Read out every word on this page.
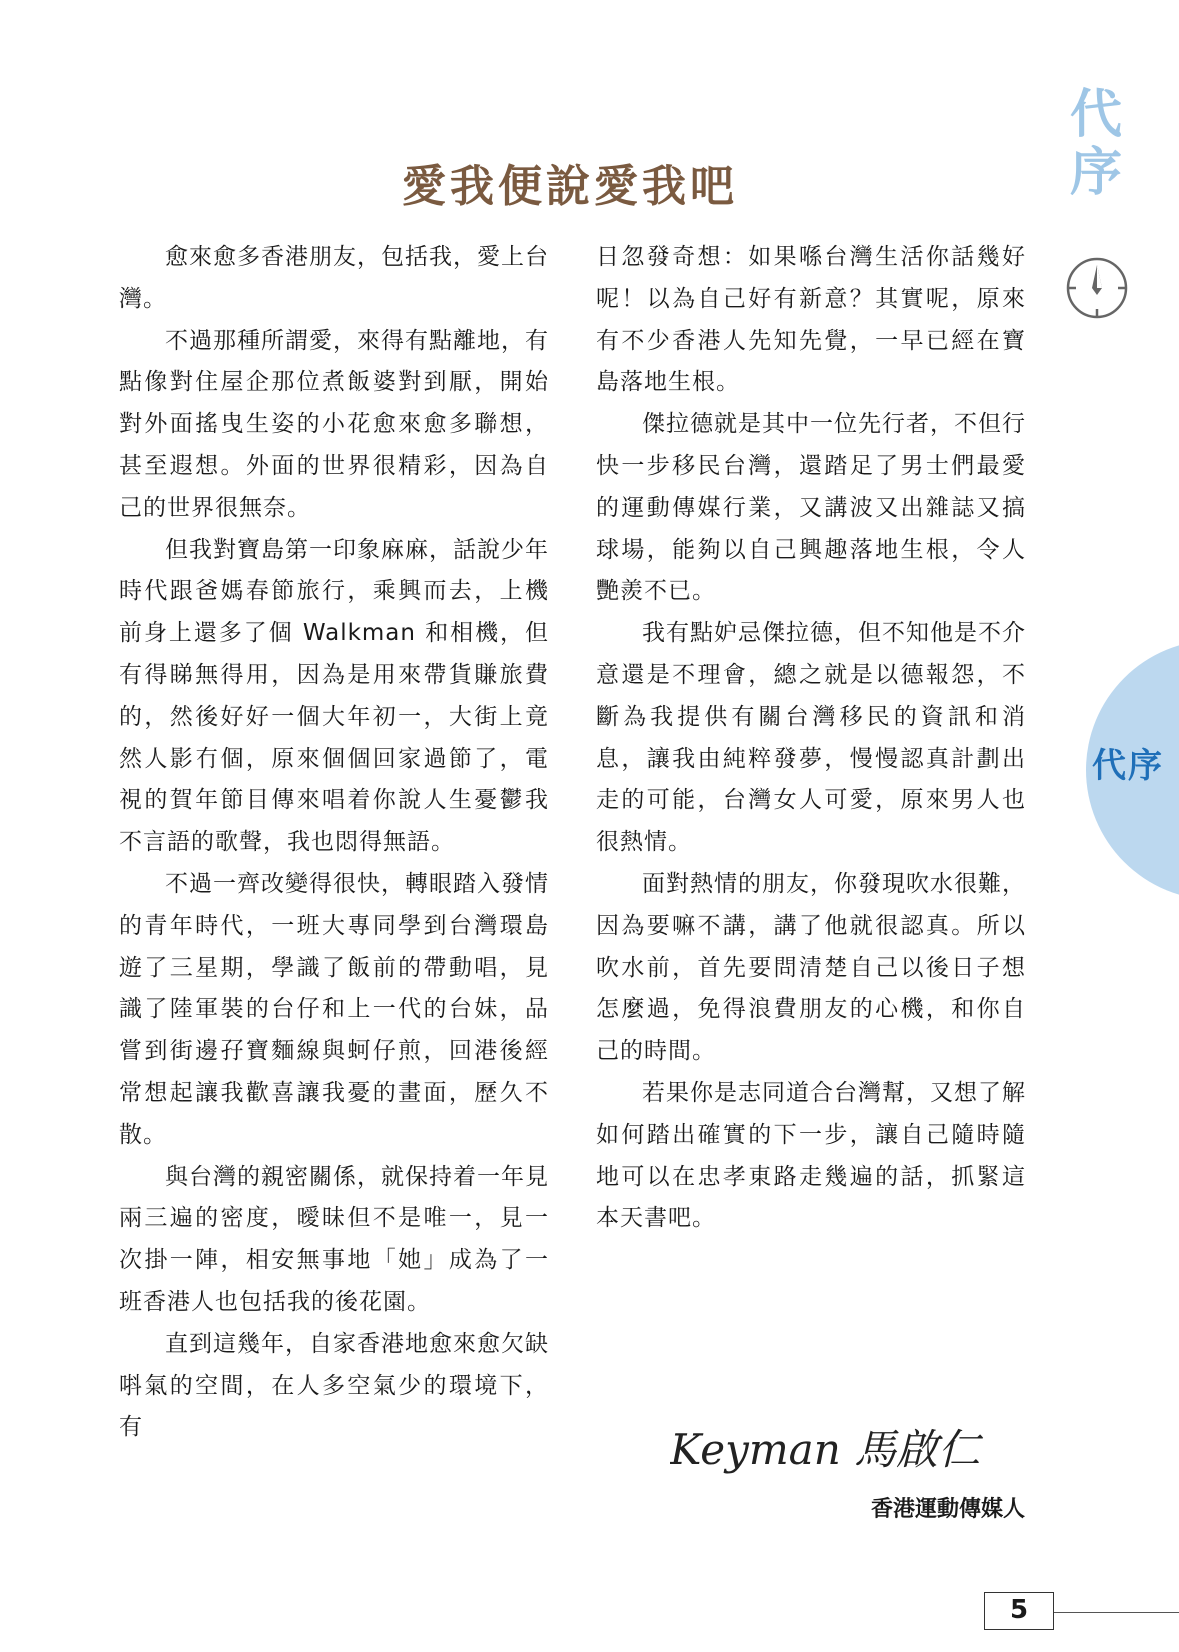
愛我便說愛我吧

愈來愈多香港朋友，包括我，愛上台灣。

不過那種所謂愛，來得有點離地，有點像對住屋企那位煮飯婆對到厭，開始對外面搖曳生姿的小花愈來愈多聯想，甚至遐想。外面的世界很精彩，因為自己的世界很無奈。

但我對寶島第一印象麻麻，話說少年時代跟爸媽春節旅行，乘興而去，上機前身上還多了個 Walkman 和相機，但有得睇無得用，因為是用來帶貨賺旅費的，然後好好一個大年初一，大街上竟然人影冇個，原來個個回家過節了，電視的賀年節目傳來唱着你說人生憂鬱我不言語的歌聲，我也悶得無語。

不過一齊改變得很快，轉眼踏入發情的青年時代，一班大專同學到台灣環島遊了三星期，學識了飯前的帶動唱，見識了陸軍裝的台仔和上一代的台妹，品嘗到街邊孖寶麵線與蚵仔煎，回港後經常想起讓我歡喜讓我憂的畫面，歷久不散。

與台灣的親密關係，就保持着一年見兩三遍的密度，曖昧但不是唯一，見一次掛一陣，相安無事地「她」成為了一班香港人也包括我的後花園。

直到這幾年，自家香港地愈來愈欠缺唞氣的空間，在人多空氣少的環境下，有

日忽發奇想：如果喺台灣生活你話幾好呢！以為自己好有新意？其實呢，原來有不少香港人先知先覺，一早已經在寶島落地生根。

傑拉德就是其中一位先行者，不但行快一步移民台灣，還踏足了男士們最愛的運動傳媒行業，又講波又出雜誌又搞球場，能夠以自己興趣落地生根，令人艷羨不已。

我有點妒忌傑拉德，但不知他是不介意還是不理會，總之就是以德報怨，不斷為我提供有關台灣移民的資訊和消息，讓我由純粹發夢，慢慢認真計劃出走的可能，台灣女人可愛，原來男人也很熱情。

面對熱情的朋友，你發現吹水很難，因為要嘛不講，講了他就很認真。所以吹水前，首先要問清楚自己以後日子想怎麼過，免得浪費朋友的心機，和你自己的時間。

若果你是志同道合台灣幫，又想了解如何踏出確實的下一步，讓自己隨時隨地可以在忠孝東路走幾遍的話，抓緊這本天書吧。

代
序
代序
Keyman 馬啟仁
香港運動傳媒人
5
